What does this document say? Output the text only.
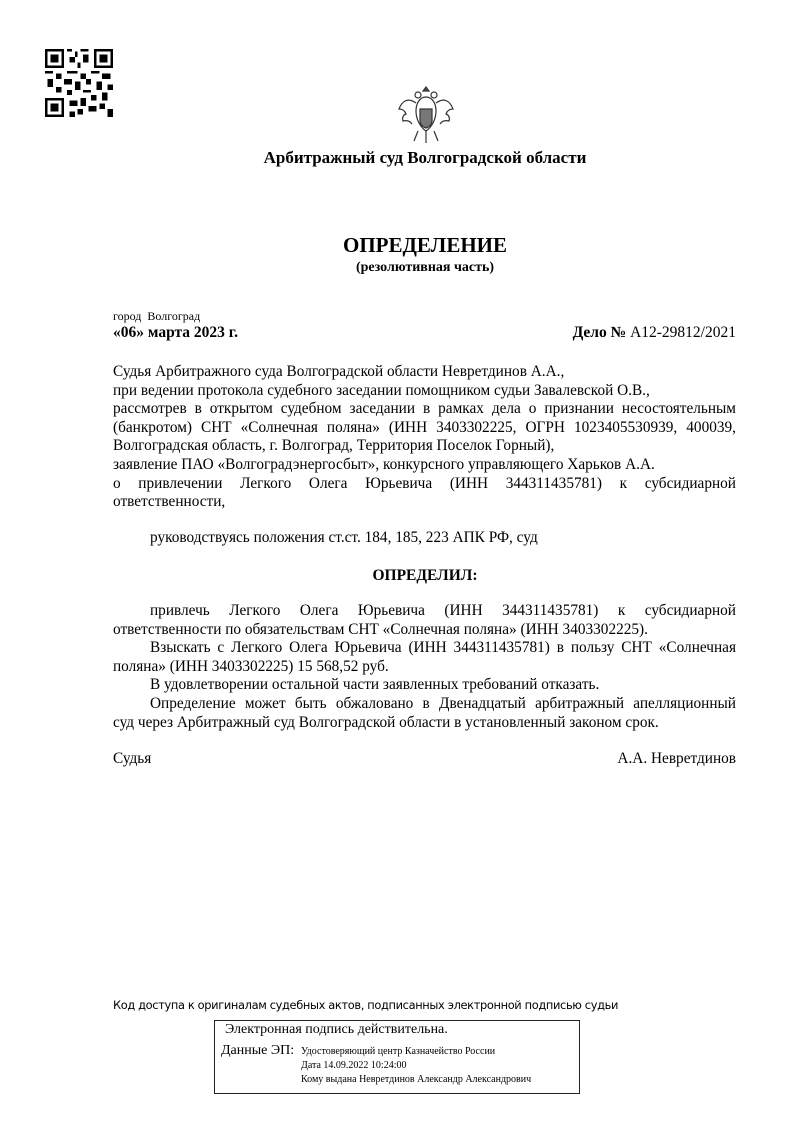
Арбитражный суд Волгоградской области
ОПРЕДЕЛЕНИЕ
(резолютивная часть)
город  Волгоград
«06» марта 2023 г.	Дело № А12-29812/2021
Судья Арбитражного суда Волгоградской области Невретдинов А.А.,
при ведении протокола судебного заседании помощником судьи Завалевской О.В.,
рассмотрев в открытом судебном заседании в рамках дела о признании несостоятельным
(банкротом) СНТ «Солнечная поляна» (ИНН 3403302225, ОГРН 1023405530939, 400039,
Волгоградская область, г. Волгоград, Территория Поселок Горный),
заявление ПАО «Волгоградэнергосбыт», конкурсного управляющего Харьков А.А.
о привлечении Легкого Олега Юрьевича (ИНН 344311435781) к субсидиарной
ответственности,
руководствуясь положения ст.ст. 184, 185, 223 АПК РФ, суд
ОПРЕДЕЛИЛ:
привлечь Легкого Олега Юрьевича (ИНН 344311435781) к субсидиарной
ответственности по обязательствам СНТ «Солнечная поляна» (ИНН 3403302225).
Взыскать с Легкого Олега Юрьевича (ИНН 344311435781) в пользу СНТ «Солнечная
поляна» (ИНН 3403302225) 15 568,52 руб.
В удовлетворении остальной части заявленных требований отказать.
Определение может быть обжаловано в Двенадцатый арбитражный апелляционный
суд через Арбитражный суд Волгоградской области в установленный законом срок.
Судья	А.А. Невретдинов
Код доступа к оригиналам судебных актов, подписанных электронной подписью судьи
Электронная подпись действительна.
Данные ЭП: Удостоверяющий центр Казначейство России
Дата 14.09.2022 10:24:00
Кому выдана Невретдинов Александр Александрович
